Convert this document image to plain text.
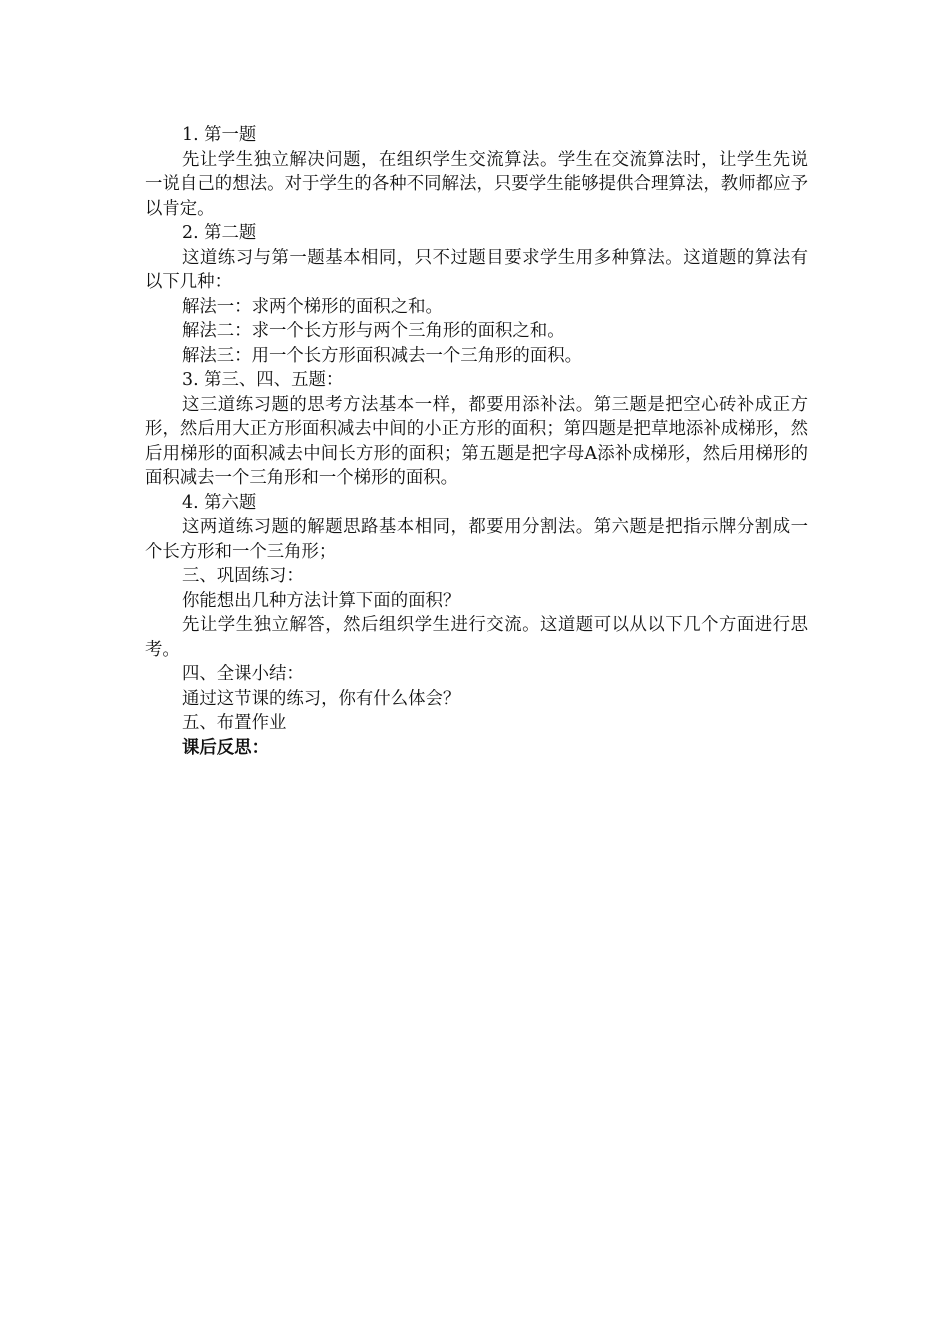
1. 第一题

先让学生独立解决问题，在组织学生交流算法。学生在交流算法时，让学生先说一说自己的想法。对于学生的各种不同解法，只要学生能够提供合理算法，教师都应予以肯定。

2. 第二题

这道练习与第一题基本相同，只不过题目要求学生用多种算法。这道题的算法有以下几种：

解法一：求两个梯形的面积之和。

解法二：求一个长方形与两个三角形的面积之和。

解法三：用一个长方形面积减去一个三角形的面积。

3. 第三、四、五题：

这三道练习题的思考方法基本一样，都要用添补法。第三题是把空心砖补成正方形，然后用大正方形面积减去中间的小正方形的面积；第四题是把草地添补成梯形，然后用梯形的面积减去中间长方形的面积；第五题是把字母A添补成梯形，然后用梯形的面积减去一个三角形和一个梯形的面积。

4. 第六题

这两道练习题的解题思路基本相同，都要用分割法。第六题是把指示牌分割成一个长方形和一个三角形；

三、巩固练习：

你能想出几种方法计算下面的面积？

先让学生独立解答，然后组织学生进行交流。这道题可以从以下几个方面进行思考。

四、全课小结：

通过这节课的练习，你有什么体会？

五、布置作业

课后反思：
